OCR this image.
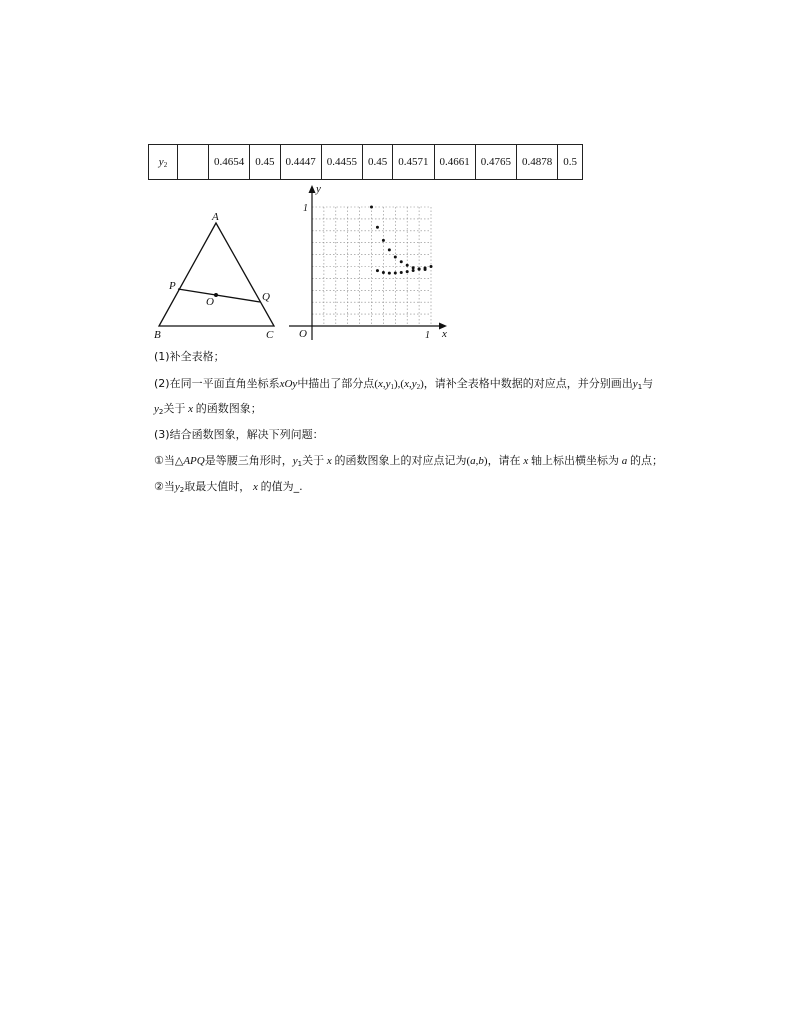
$y_2$		0.4654	0.45	0.4447	0.4455	0.45	0.4571	0.4661	0.4765	0.4878	0.5
A
B	C
P
Q
O
O	x
y
1
1
(1)补全表格；
(2)在同一平面直角坐标系xOy中描出了部分点(x,y1),(x,y2)，请补全表格中数据的对应点，并分别画出y1与
y2关于 x 的函数图象；
(3)结合函数图象，解决下列问题：
①当△APQ是等腰三角形时，y1关于 x 的函数图象上的对应点记为(a,b)，请在 x 轴上标出横坐标为 a 的点；
②当y2取最大值时， x 的值为_.
